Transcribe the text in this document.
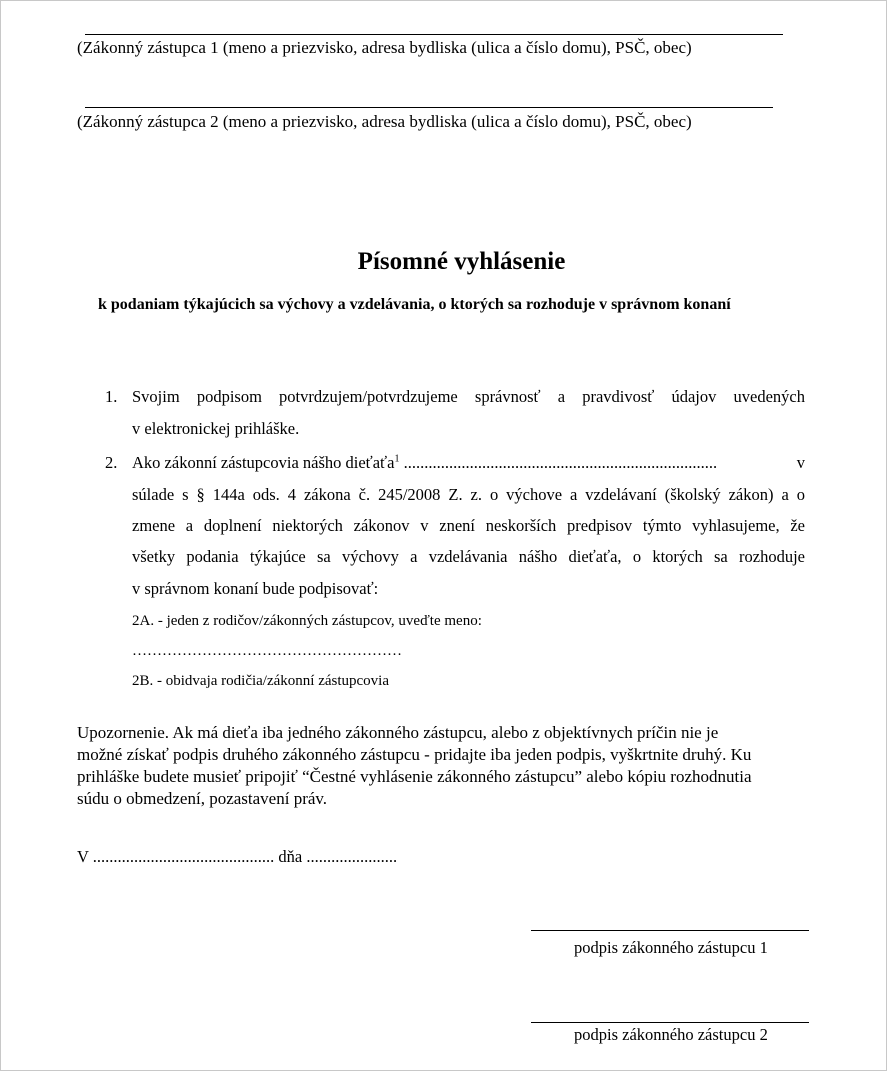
(Zákonný zástupca 1 (meno a priezvisko, adresa bydliska (ulica a číslo domu), PSČ, obec)
(Zákonný zástupca 2 (meno a priezvisko, adresa bydliska (ulica a číslo domu), PSČ, obec)
Písomné vyhlásenie
k podaniam týkajúcich sa výchovy a vzdelávania, o ktorých sa rozhoduje v správnom konaní
1. Svojim podpisom potvrdzujem/potvrdzujeme správnosť a pravdivosť údajov uvedených
v elektronickej prihláške.
2. Ako zákonní zástupcovia nášho dieťaťa$^1$ ............................................................................	v
súlade s § 144a ods. 4 zákona č. 245/2008 Z. z. o výchove a vzdelávaní (školský zákon) a o
zmene a doplnení niektorých zákonov v znení neskorších predpisov týmto vyhlasujeme, že
všetky podania týkajúce sa výchovy a vzdelávania nášho dieťaťa, o ktorých sa rozhoduje
v správnom konaní bude podpisovať:
2A. - jeden z rodičov/zákonných zástupcov, uveďte meno:
………………………………………………
2B. - obidvaja rodičia/zákonní zástupcovia
Upozornenie. Ak má dieťa iba jedného zákonného zástupcu, alebo z objektívnych príčin nie je
možné získať podpis druhého zákonného zástupcu - pridajte iba jeden podpis, vyškrtnite druhý. Ku
prihláške budete musieť pripojiť “Čestné vyhlásenie zákonného zástupcu” alebo kópiu rozhodnutia
súdu o obmedzení, pozastavení práv.
V ............................................ dňa ......................
podpis zákonného zástupcu 1
podpis zákonného zástupcu 2
